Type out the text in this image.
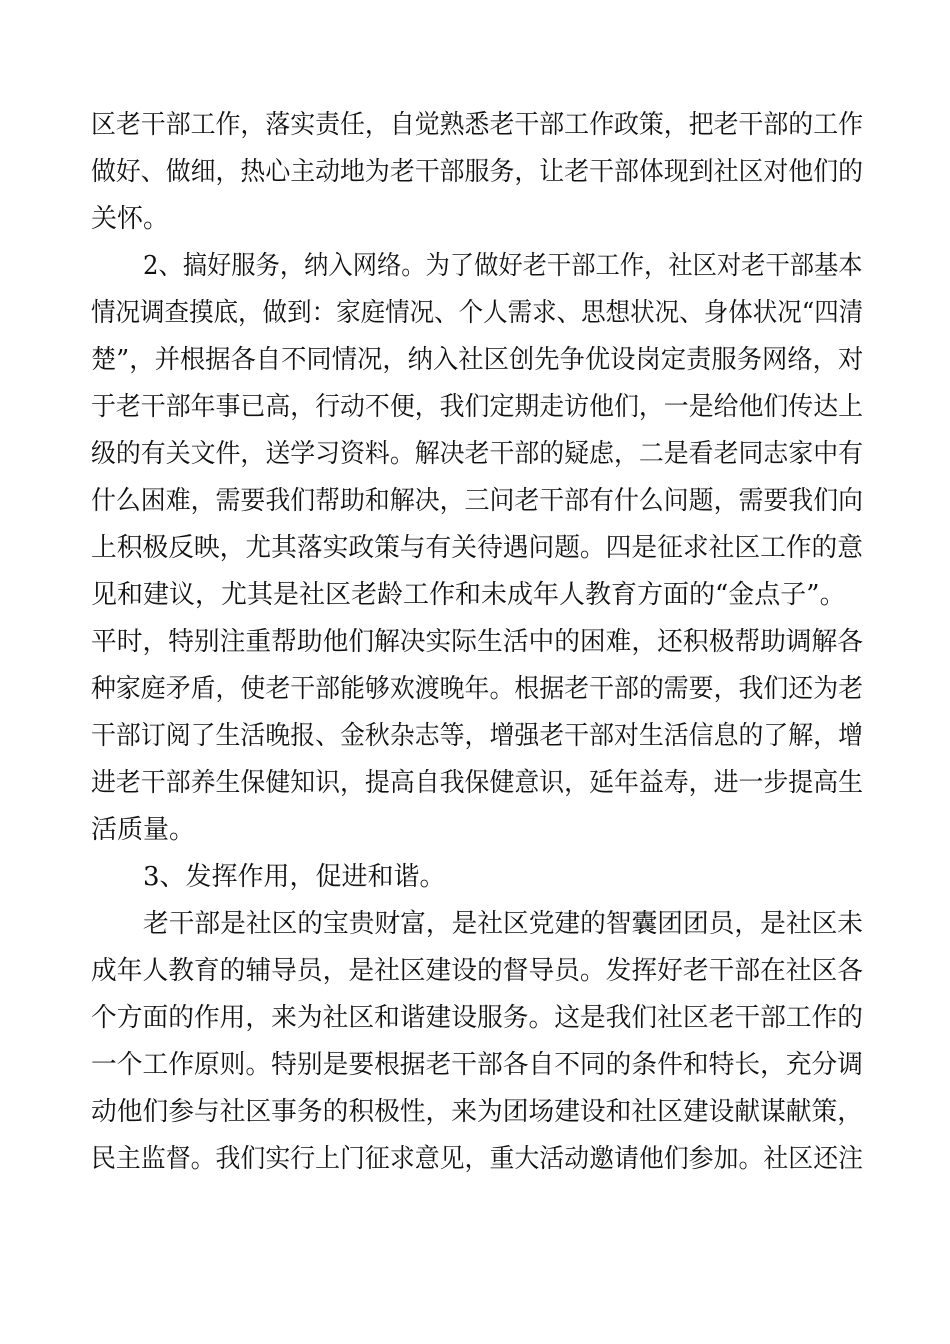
区老干部工作，落实责任，自觉熟悉老干部工作政策，把老干部的工作
做好、做细，热心主动地为老干部服务，让老干部体现到社区对他们的
关怀。
2、搞好服务，纳入网络。为了做好老干部工作，社区对老干部基本
情况调查摸底，做到：家庭情况、个人需求、思想状况、身体状况“四清
楚”，并根据各自不同情况，纳入社区创先争优设岗定责服务网络，对
于老干部年事已高，行动不便，我们定期走访他们，一是给他们传达上
级的有关文件，送学习资料。解决老干部的疑虑，二是看老同志家中有
什么困难，需要我们帮助和解决，三问老干部有什么问题，需要我们向
上积极反映，尤其落实政策与有关待遇问题。四是征求社区工作的意
见和建议，尤其是社区老龄工作和未成年人教育方面的“金点子”。
平时，特别注重帮助他们解决实际生活中的困难，还积极帮助调解各
种家庭矛盾，使老干部能够欢渡晚年。根据老干部的需要，我们还为老
干部订阅了生活晚报、金秋杂志等，增强老干部对生活信息的了解，增
进老干部养生保健知识，提高自我保健意识，延年益寿，进一步提高生
活质量。
3、发挥作用，促进和谐。
老干部是社区的宝贵财富，是社区党建的智囊团团员，是社区未
成年人教育的辅导员，是社区建设的督导员。发挥好老干部在社区各
个方面的作用，来为社区和谐建设服务。这是我们社区老干部工作的
一个工作原则。特别是要根据老干部各自不同的条件和特长，充分调
动他们参与社区事务的积极性，来为团场建设和社区建设献谋献策，
民主监督。我们实行上门征求意见，重大活动邀请他们参加。社区还注
